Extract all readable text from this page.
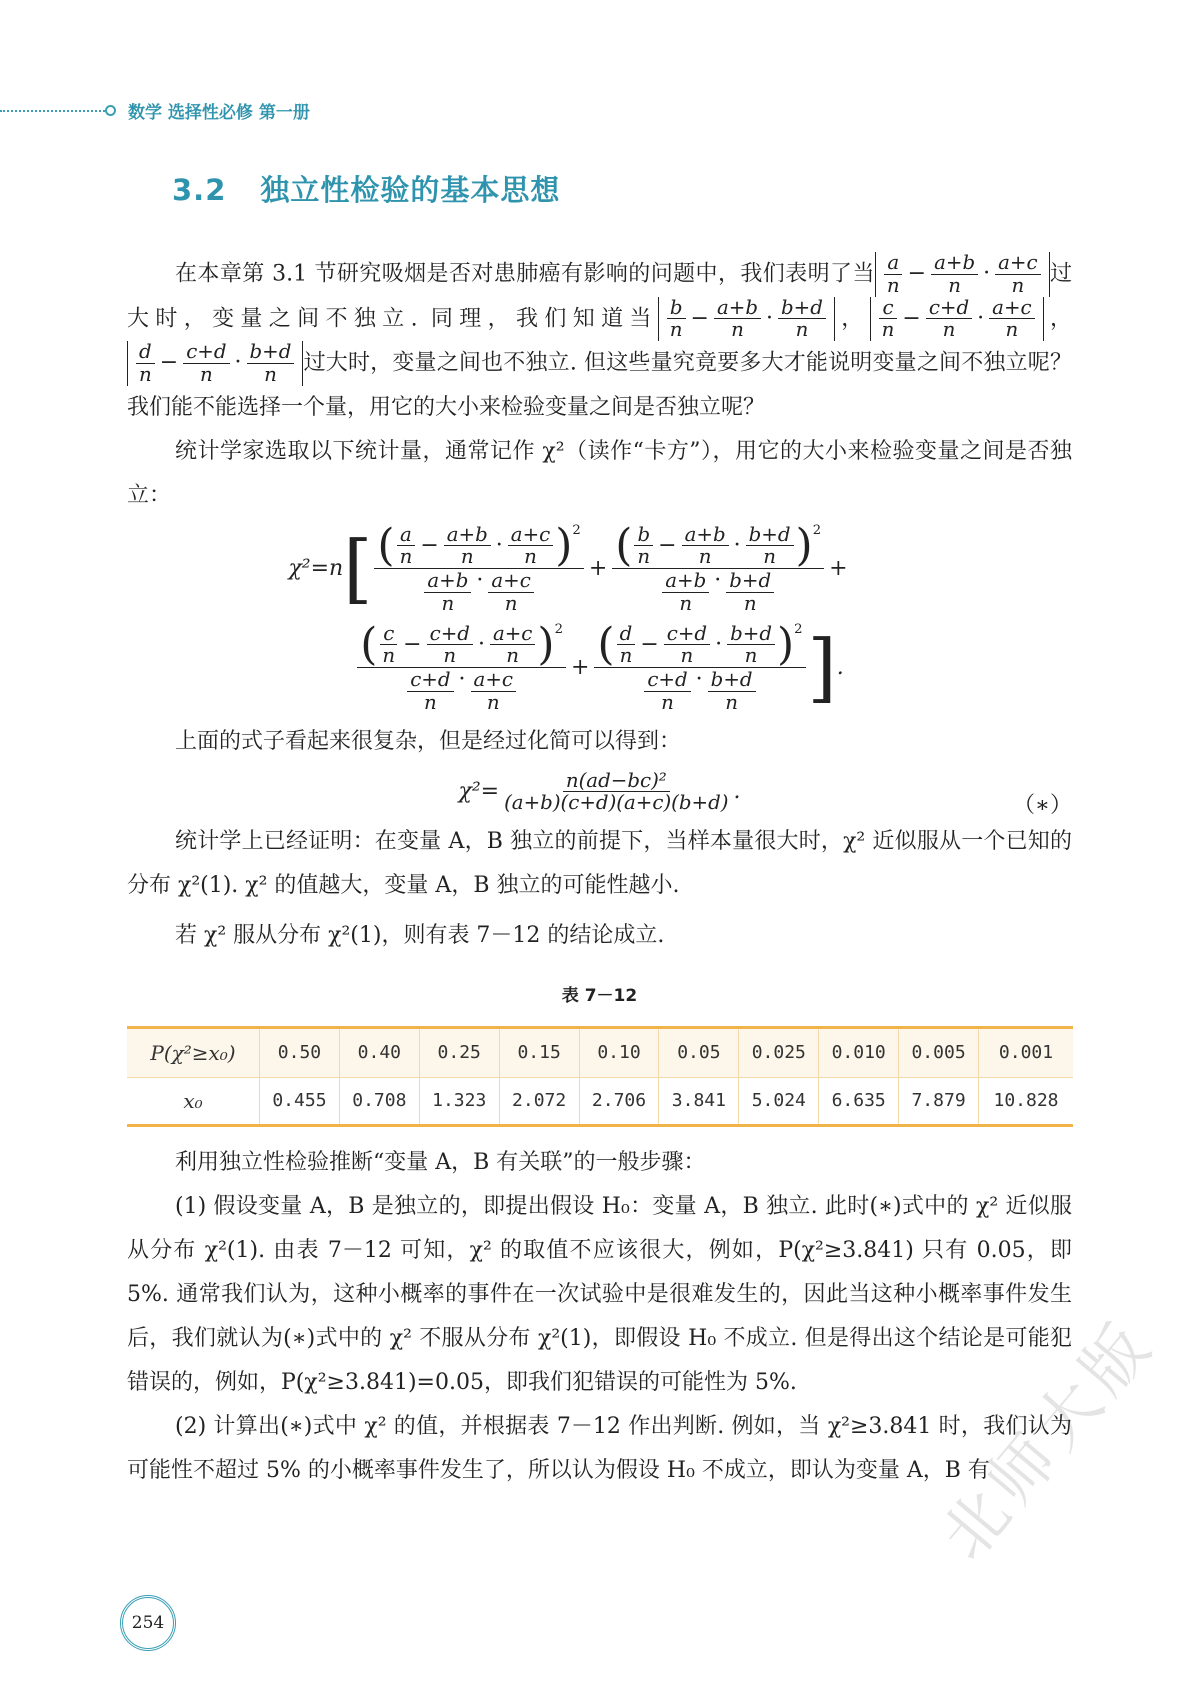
北师大版
数学 选择性必修 第一册
3.2 独立性检验的基本思想

在本章第 3.1 节研究吸烟是否对患肺癌有影响的问题中，我们表明了当 $\frac{a}{n} - \frac{a+b}{n} \cdot \frac{a+c}{n}$ 过大时，变量之间不独立. 同理，我们知道当 $\frac{b}{n} - \frac{a+b}{n} \cdot \frac{b+d}{n}$ ， $\frac{c}{n} - \frac{c+d}{n} \cdot \frac{a+c}{n}$ ，
$\frac{d}{n} - \frac{c+d}{n} \cdot \frac{b+d}{n}$ 过大时，变量之间也不独立. 但这些量究竟要多大才能说明变量之间不独立呢？我们能不能选择一个量，用它的大小来检验变量之间是否独立呢？

统计学家选取以下统计量，通常记作 χ²（读作“卡方”），用它的大小来检验变量之间是否独立：

χ²=n [ $\frac{( \frac{a}{n} - \frac{a+b}{n} \cdot \frac{a+c}{n} ) 2}{\frac{a+b}{n} \cdot \frac{a+c}{n}} + \frac{( \frac{b}{n} - \frac{a+b}{n} \cdot \frac{b+d}{n} ) 2}{\frac{a+b}{n} \cdot \frac{b+d}{n}}$ +
$\frac{( \frac{c}{n} - \frac{c+d}{n} \cdot \frac{a+c}{n} ) 2}{\frac{c+d}{n} \cdot \frac{a+c}{n}} + \frac{( \frac{d}{n} - \frac{c+d}{n} \cdot \frac{b+d}{n} ) 2}{\frac{c+d}{n} \cdot \frac{b+d}{n}}$ ] .

上面的式子看起来很复杂，但是经过化简可以得到：

$\chi^2= \frac{\text{n(ad−bc)²}}{(a+b)(c+d)(a+c)(b+d)}$ .
（∗）

统计学上已经证明：在变量 A，B 独立的前提下，当样本量很大时，χ² 近似服从一个已知的分布 χ²(1). χ² 的值越大，变量 A，B 独立的可能性越小.

若 χ² 服从分布 χ²(1)，则有表 7－12 的结论成立.

表 7－12
P(χ²≥x₀)	0.50	0.40	0.25	0.15	0.10	0.05	0.025	0.010	0.005	0.001
x₀	0.455	0.708	1.323	2.072	2.706	3.841	5.024	6.635	7.879	10.828

利用独立性检验推断“变量 A，B 有关联”的一般步骤：

(1) 假设变量 A，B 是独立的，即提出假设 H₀：变量 A，B 独立. 此时(∗)式中的 χ² 近似服从分布 χ²(1). 由表 7－12 可知，χ² 的取值不应该很大，例如，P(χ²≥3.841) 只有 0.05，即 5%. 通常我们认为，这种小概率的事件在一次试验中是很难发生的，因此当这种小概率事件发生后，我们就认为(∗)式中的 χ² 不服从分布 χ²(1)，即假设 H₀ 不成立. 但是得出这个结论是可能犯错误的，例如，P(χ²≥3.841)=0.05，即我们犯错误的可能性为 5%.

(2) 计算出(∗)式中 χ² 的值，并根据表 7－12 作出判断. 例如，当 χ²≥3.841 时，我们认为可能性不超过 5% 的小概率事件发生了，所以认为假设 H₀ 不成立，即认为变量 A，B 有

254
